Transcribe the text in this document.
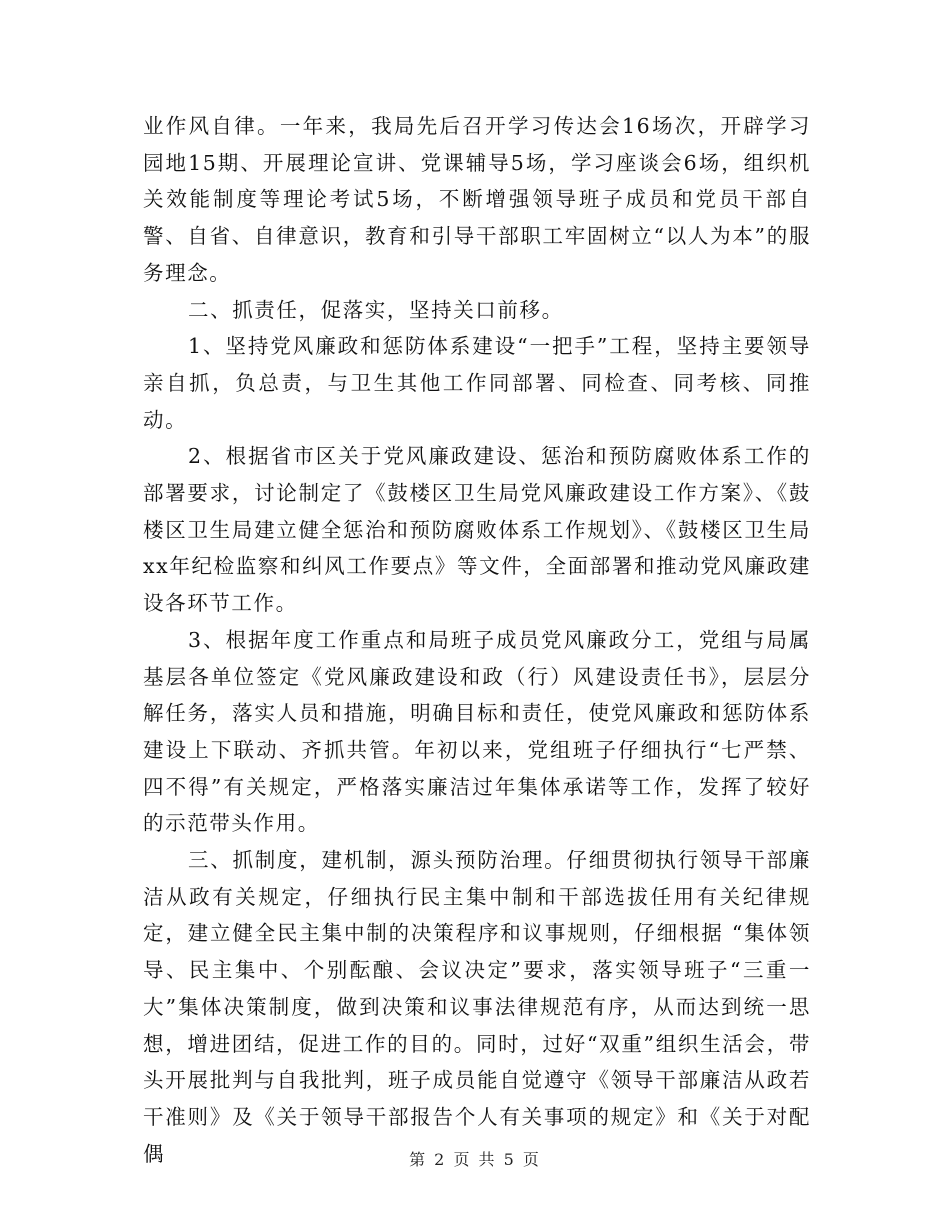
业作风自律。一年来，我局先后召开学习传达会16场次，开辟学习园地15期、开展理论宣讲、党课辅导5场，学习座谈会6场，组织机关效能制度等理论考试5场，不断增强领导班子成员和党员干部自警、自省、自律意识，教育和引导干部职工牢固树立“以人为本”的服务理念。

二、抓责任，促落实，坚持关口前移。

1、坚持党风廉政和惩防体系建设“一把手”工程，坚持主要领导亲自抓，负总责，与卫生其他工作同部署、同检查、同考核、同推动。

2、根据省市区关于党风廉政建设、惩治和预防腐败体系工作的部署要求，讨论制定了《鼓楼区卫生局党风廉政建设工作方案》、《鼓楼区卫生局建立健全惩治和预防腐败体系工作规划》、《鼓楼区卫生局xx年纪检监察和纠风工作要点》等文件，全面部署和推动党风廉政建设各环节工作。

3、根据年度工作重点和局班子成员党风廉政分工，党组与局属基层各单位签定《党风廉政建设和政（行）风建设责任书》，层层分解任务，落实人员和措施，明确目标和责任，使党风廉政和惩防体系建设上下联动、齐抓共管。年初以来，党组班子仔细执行“七严禁、四不得”有关规定，严格落实廉洁过年集体承诺等工作，发挥了较好的示范带头作用。

三、抓制度，建机制，源头预防治理。仔细贯彻执行领导干部廉洁从政有关规定，仔细执行民主集中制和干部选拔任用有关纪律规定，建立健全民主集中制的决策程序和议事规则，仔细根据 “集体领导、民主集中、个别酝酿、会议决定”要求，落实领导班子“三重一大”集体决策制度，做到决策和议事法律规范有序，从而达到统一思想，增进团结，促进工作的目的。同时，过好“双重”组织生活会，带头开展批判与自我批判，班子成员能自觉遵守《领导干部廉洁从政若干准则》及《关于领导干部报告个人有关事项的规定》和《关于对配偶	第 2 页 共 5 页
